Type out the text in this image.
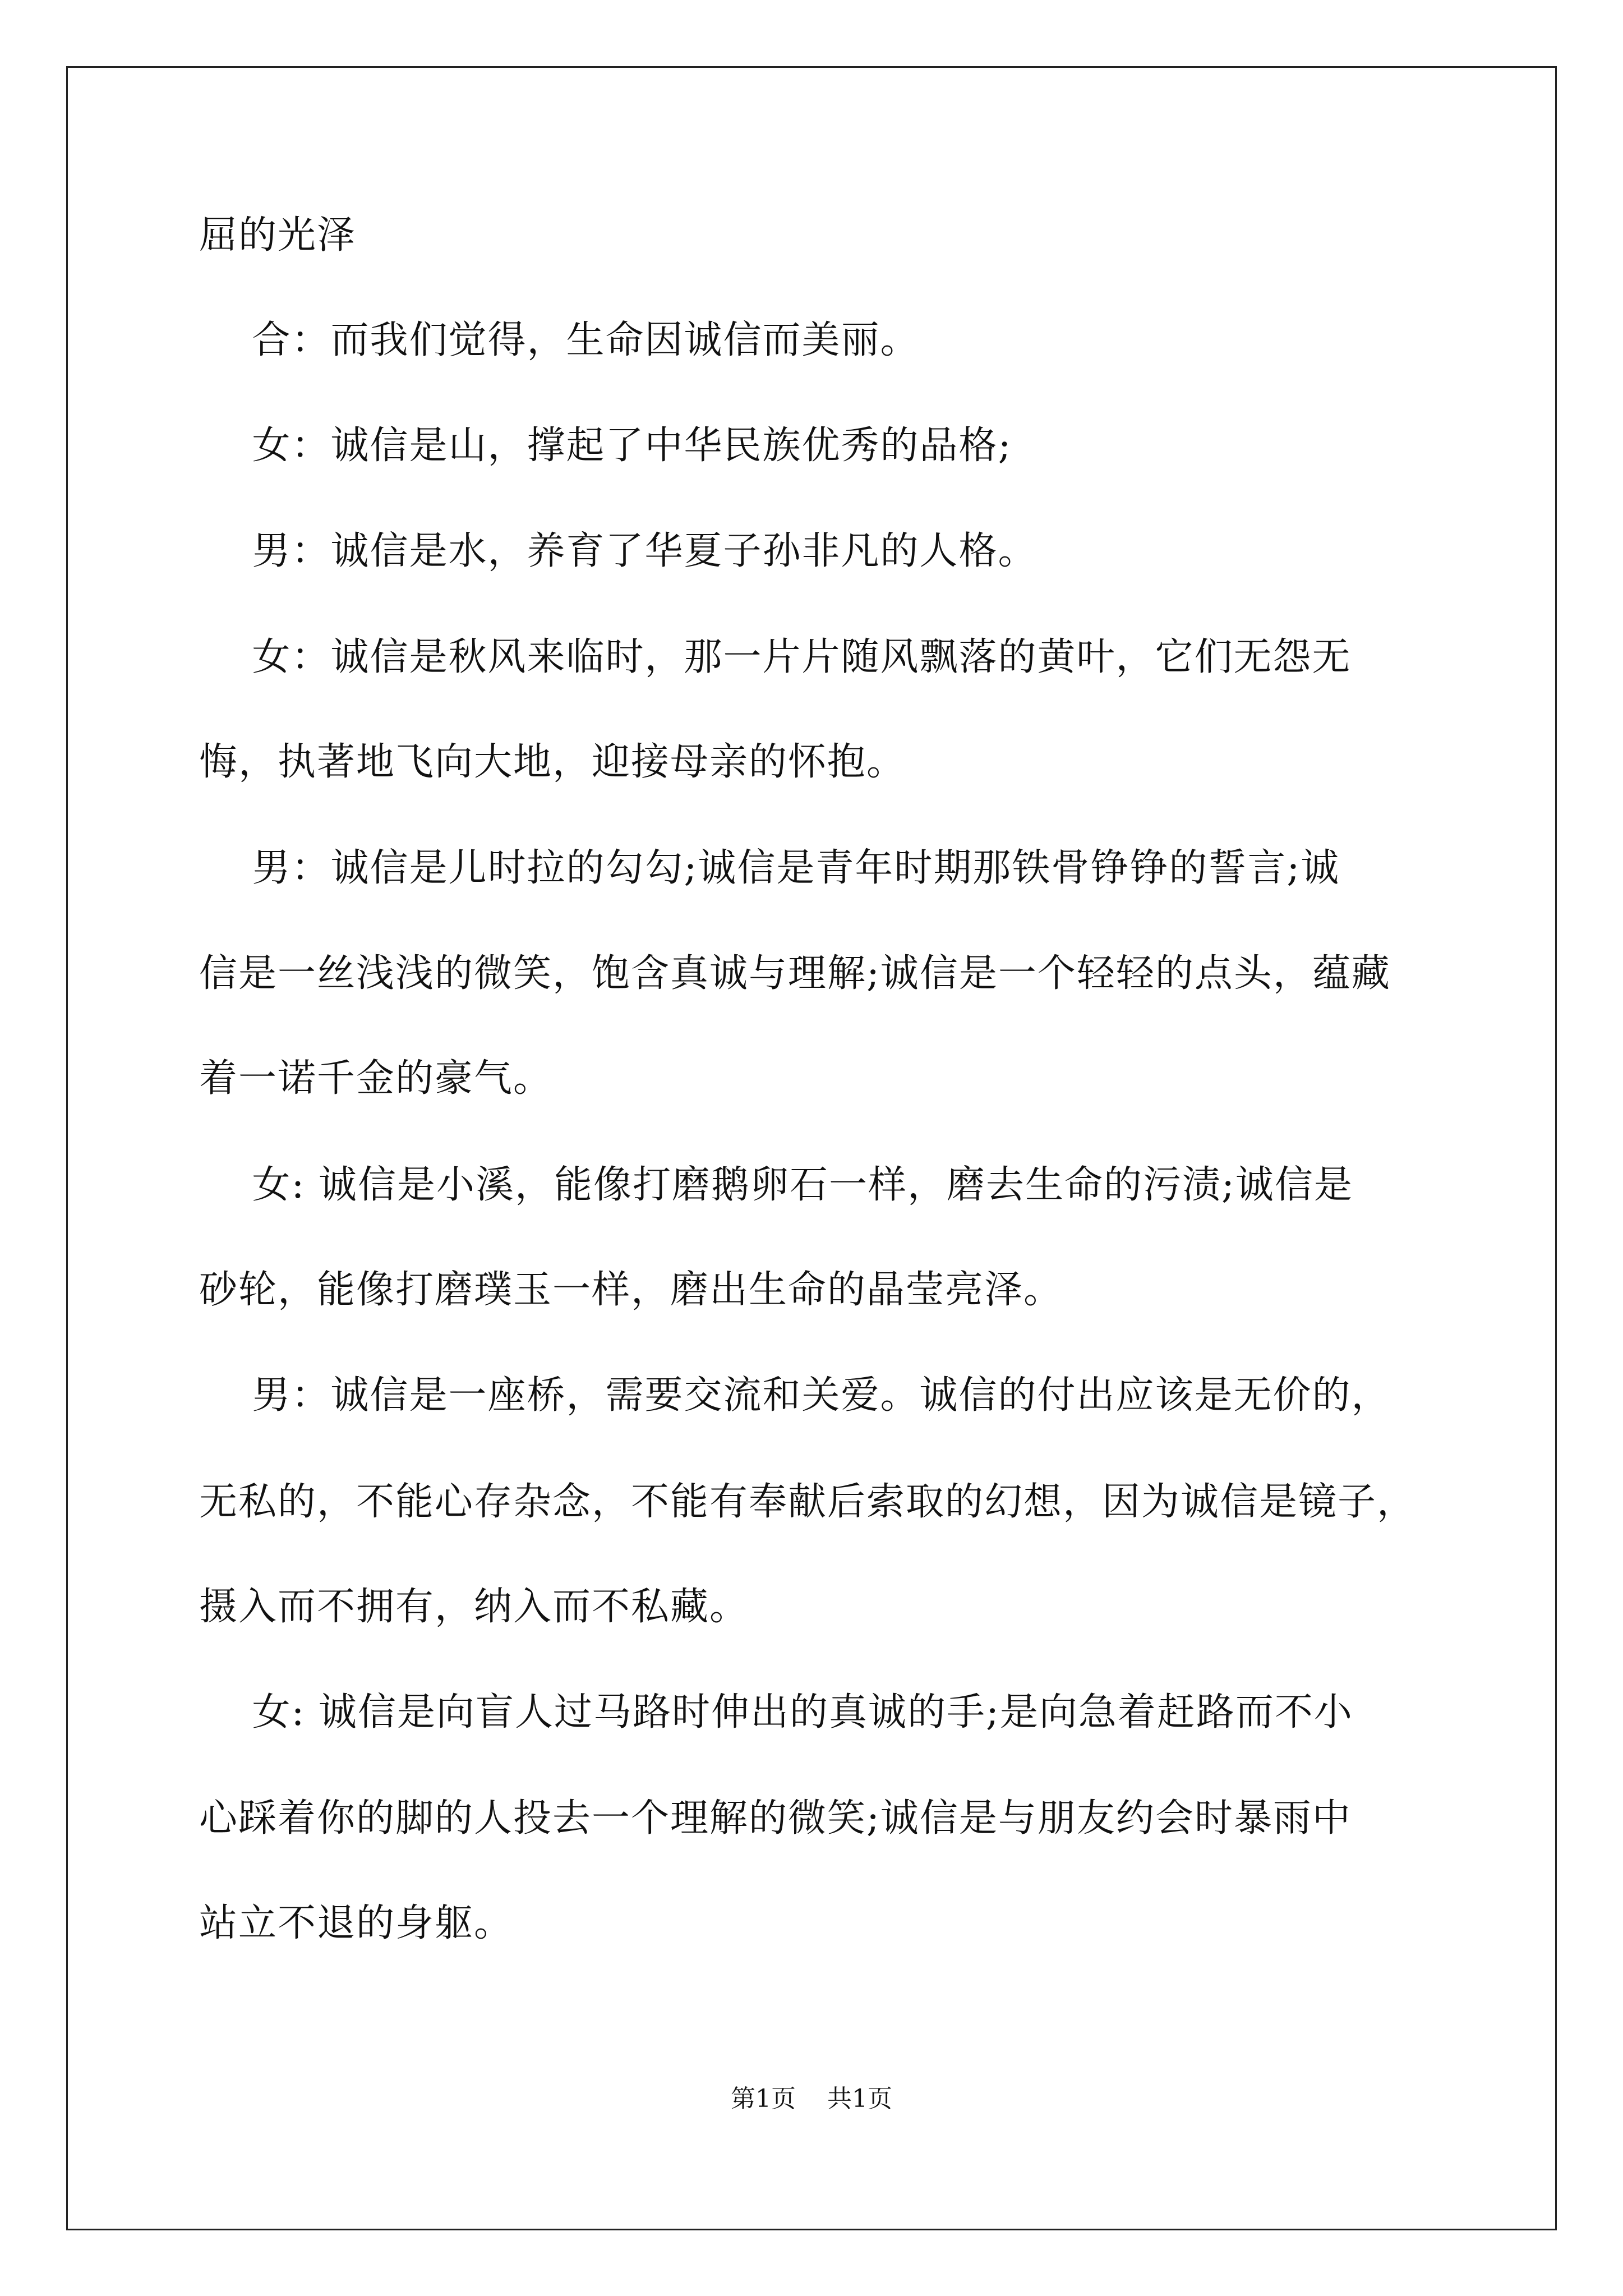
屈的光泽
合：而我们觉得，生命因诚信而美丽。
女：诚信是山，撑起了中华民族优秀的品格;
男：诚信是水，养育了华夏子孙非凡的人格。
女：诚信是秋风来临时，那一片片随风飘落的黄叶，它们无怨无
悔，执著地飞向大地，迎接母亲的怀抱。
男：诚信是儿时拉的勾勾;诚信是青年时期那铁骨铮铮的誓言;诚
信是一丝浅浅的微笑，饱含真诚与理解;诚信是一个轻轻的点头，蕴藏
着一诺千金的豪气。
女: 诚信是小溪，能像打磨鹅卵石一样，磨去生命的污渍;诚信是
砂轮，能像打磨璞玉一样，磨出生命的晶莹亮泽。
男：诚信是一座桥，需要交流和关爱。诚信的付出应该是无价的，
无私的，不能心存杂念，不能有奉献后索取的幻想，因为诚信是镜子，
摄入而不拥有，纳入而不私藏。
女: 诚信是向盲人过马路时伸出的真诚的手;是向急着赶路而不小
心踩着你的脚的人投去一个理解的微笑;诚信是与朋友约会时暴雨中
站立不退的身躯。
第1页    共1页
